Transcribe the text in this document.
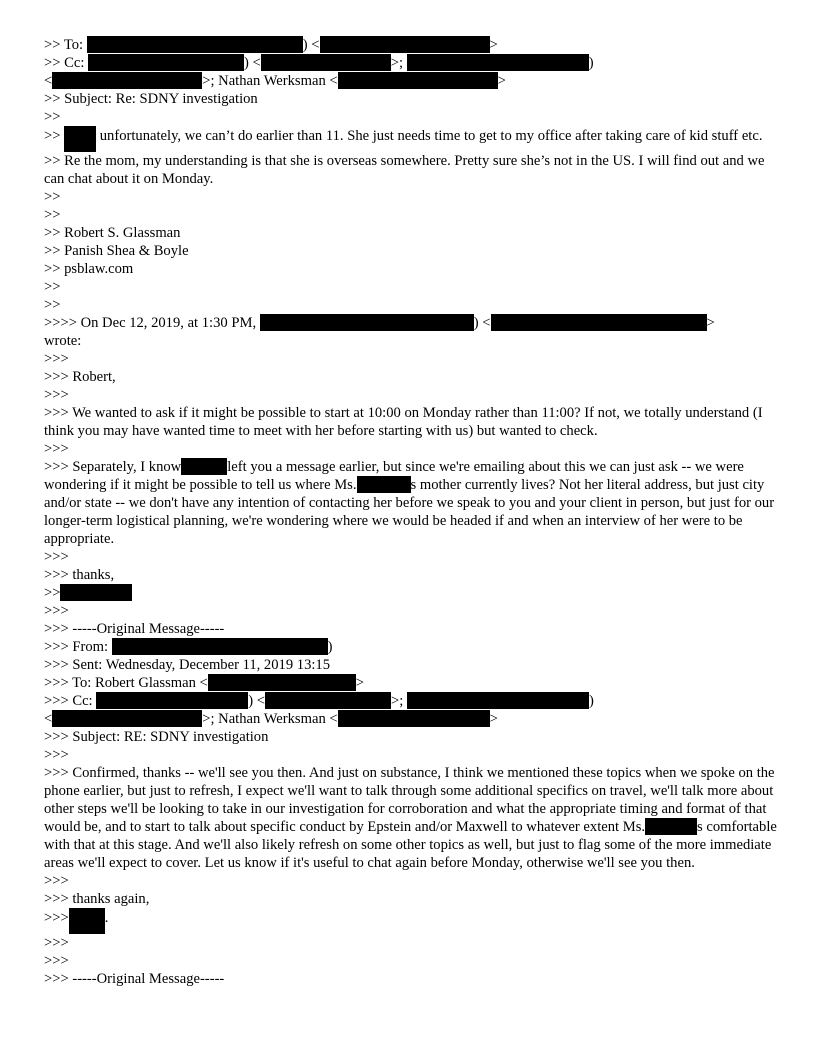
>> To:	) <	>
>> Cc:	) <	>;	)
<	>; Nathan Werksman <	>
>> Subject: Re: SDNY investigation
>>
>>  unfortunately, we can’t do earlier than 11. She just needs time to get to my office after taking care of kid stuff etc.
>> Re the mom, my understanding is that she is overseas somewhere. Pretty sure she’s not in the US. I will find out and we can chat about it on Monday.
>>
>>
>> Robert S. Glassman
>> Panish Shea & Boyle
>> psblaw.com
>>
>>
>>>> On Dec 12, 2019, at 1:30 PM,	) <	>
wrote:
>>>
>>> Robert,
>>>
>>> We wanted to ask if it might be possible to start at 10:00 on Monday rather than 11:00? If not, we totally understand (I think you may have wanted time to meet with her before starting with us) but wanted to check.
>>>
>>> Separately, I know	left you a message earlier, but since we're emailing about this we can just ask -- we were wondering if it might be possible to tell us where Ms.	s mother currently lives? Not her literal address, but just city and/or state -- we don't have any intention of contacting her before we speak to you and your client in person, but just for our longer-term logistical planning, we're wondering where we would be headed if and when an interview of her were to be appropriate.
>>>
>>> thanks,
>>
>>>
>>> -----Original Message-----
>>> From:	)
>>> Sent: Wednesday, December 11, 2019 13:15
>>> To: Robert Glassman <	>
>>> Cc:	) <	>;	)
<	>; Nathan Werksman <	>
>>> Subject: RE: SDNY investigation
>>>
>>> Confirmed, thanks -- we'll see you then. And just on substance, I think we mentioned these topics when we spoke on the phone earlier, but just to refresh, I expect we'll want to talk through some additional specifics on travel, we'll talk more about other steps we'll be looking to take in our investigation for corroboration and what the appropriate timing and format of that would be, and to start to talk about specific conduct by Epstein and/or Maxwell to whatever extent Ms.	s comfortable with that at this stage. And we'll also likely refresh on some other topics as well, but just to flag some of the more immediate areas we'll expect to cover. Let us know if it's useful to chat again before Monday, otherwise we'll see you then.
>>>
>>> thanks again,
>>> .
>>>
>>>
>>> -----Original Message-----
